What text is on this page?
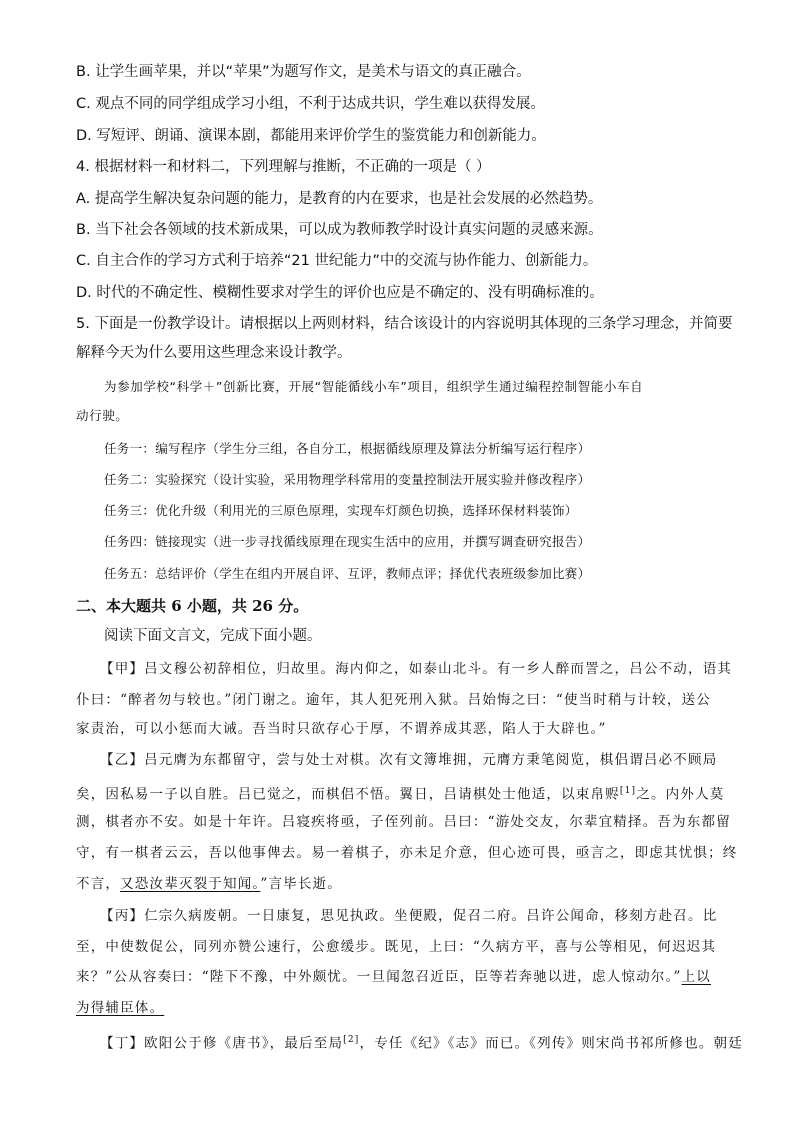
B. 让学生画苹果，并以“苹果”为题写作文，是美术与语文的真正融合。
C. 观点不同的同学组成学习小组，不利于达成共识，学生难以获得发展。
D. 写短评、朗诵、演课本剧，都能用来评价学生的鉴赏能力和创新能力。
4. 根据材料一和材料二，下列理解与推断，不正确的一项是（ ）
A. 提高学生解决复杂问题的能力，是教育的内在要求，也是社会发展的必然趋势。
B. 当下社会各领域的技术新成果，可以成为教师教学时设计真实问题的灵感来源。
C. 自主合作的学习方式利于培养“21 世纪能力”中的交流与协作能力、创新能力。
D. 时代的不确定性、模糊性要求对学生的评价也应是不确定的、没有明确标准的。
5. 下面是一份教学设计。请根据以上两则材料，结合该设计的内容说明其体现的三条学习理念，并简要
解释今天为什么要用这些理念来设计教学。
为参加学校“科学＋”创新比赛，开展“智能循线小车”项目，组织学生通过编程控制智能小车自
动行驶。
任务一：编写程序（学生分三组，各自分工，根据循线原理及算法分析编写运行程序）
任务二：实验探究（设计实验，采用物理学科常用的变量控制法开展实验并修改程序）
任务三：优化升级（利用光的三原色原理，实现车灯颜色切换，选择环保材料装饰）
任务四：链接现实（进一步寻找循线原理在现实生活中的应用，并撰写调查研究报告）
任务五：总结评价（学生在组内开展自评、互评，教师点评；择优代表班级参加比赛）
二、本大题共 6 小题，共 26 分。
阅读下面文言文，完成下面小题。
【甲】吕文穆公初辞相位，归故里。海内仰之，如泰山北斗。有一乡人醉而詈之，吕公不动，语其
仆曰：“醉者勿与较也。”闭门谢之。逾年，其人犯死刑入狱。吕始悔之曰：“使当时稍与计较，送公
家责治，可以小惩而大诫。吾当时只欲存心于厚，不谓养成其恶，陷人于大辟也。”
【乙】吕元膺为东都留守，尝与处士对棋。次有文簿堆拥，元膺方秉笔阅览，棋侣谓吕必不顾局
矣，因私易一子以自胜。吕已觉之，而棋侣不悟。翼日，吕请棋处士他适，以束帛赆[1]之。内外人莫
测，棋者亦不安。如是十年许。吕寝疾将亟，子侄列前。吕曰：“游处交友，尔辈宜精择。吾为东都留
守，有一棋者云云，吾以他事俾去。易一着棋子，亦未足介意，但心迹可畏，亟言之，即虑其忧惧；终
不言，又恐汝辈灭裂于知闻。”言毕长逝。
【丙】仁宗久病废朝。一日康复，思见执政。坐便殿，促召二府。吕许公闻命，移刻方赴召。比
至，中使数促公，同列亦赞公速行，公愈缓步。既见，上曰：“久病方平，喜与公等相见，何迟迟其
来？”公从容奏曰：“陛下不豫，中外颇忧。一旦闻忽召近臣，臣等若奔驰以进，虑人惊动尔。”上以
为得辅臣体。
【丁】欧阳公于修《唐书》，最后至局[2]，专任《纪》《志》而已。《列传》则宋尚书祁所修也。朝廷
